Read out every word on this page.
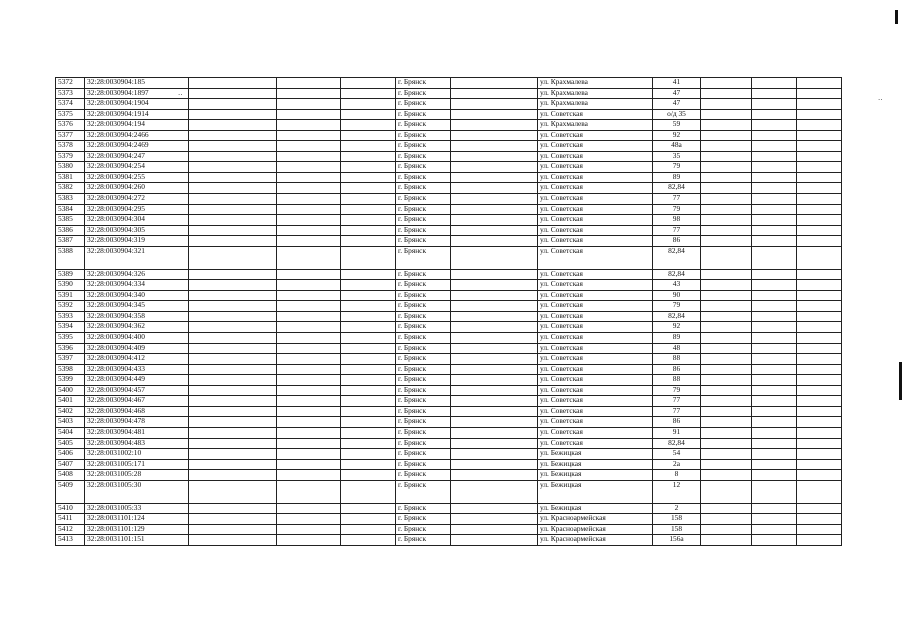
5372	32:28:0030904:185				г. Брянск		ул. Крахмалева	41			
5373	32:28:0030904:1897				г. Брянск		ул. Крахмалева	47			
5374	32:28:0030904:1904				г. Брянск		ул. Крахмалева	47			
5375	32:28:0030904:1914				г. Брянск		ул. Советская	о/д 35			
5376	32:28:0030904:194				г. Брянск		ул. Крахмалева	59			
5377	32:28:0030904:2466				г. Брянск		ул. Советская	92			
5378	32:28:0030904:2469				г. Брянск		ул. Советская	48а			
5379	32:28:0030904:247				г. Брянск		ул. Советская	35			
5380	32:28:0030904:254				г. Брянск		ул. Советская	79			
5381	32:28:0030904:255				г. Брянск		ул. Советская	89			
5382	32:28:0030904:260				г. Брянск		ул. Советская	82,84			
5383	32:28:0030904:272				г. Брянск		ул. Советская	77			
5384	32:28:0030904:295				г. Брянск		ул. Советская	79			
5385	32:28:0030904:304				г. Брянск		ул. Советская	98			
5386	32:28:0030904:305				г. Брянск		ул. Советская	77			
5387	32:28:0030904:319				г. Брянск		ул. Советская	86			
5388	32:28:0030904:321				г. Брянск		ул. Советская	82,84			
5389	32:28:0030904:326				г. Брянск		ул. Советская	82,84			
5390	32:28:0030904:334				г. Брянск		ул. Советская	43			
5391	32:28:0030904:340				г. Брянск		ул. Советская	90			
5392	32:28:0030904:345				г. Брянск		ул. Советская	79			
5393	32:28:0030904:358				г. Брянск		ул. Советская	82,84			
5394	32:28:0030904:362				г. Брянск		ул. Советская	92			
5395	32:28:0030904:400				г. Брянск		ул. Советская	89			
5396	32:28:0030904:409				г. Брянск		ул. Советская	48			
5397	32:28:0030904:412				г. Брянск		ул. Советская	88			
5398	32:28:0030904:433				г. Брянск		ул. Советская	86			
5399	32:28:0030904:449				г. Брянск		ул. Советская	88			
5400	32:28:0030904:457				г. Брянск		ул. Советская	79			
5401	32:28:0030904:467				г. Брянск		ул. Советская	77			
5402	32:28:0030904:468				г. Брянск		ул. Советская	77			
5403	32:28:0030904:478				г. Брянск		ул. Советская	86			
5404	32:28:0030904:481				г. Брянск		ул. Советская	91			
5405	32:28:0030904:483				г. Брянск		ул. Советская	82,84			
5406	32:28:0031002:10				г. Брянск		ул. Бежицкая	54			
5407	32:28:0031005:171				г. Брянск		ул. Бежицкая	2а			
5408	32:28:0031005:28				г. Брянск		ул. Бежицкая	8			
5409	32:28:0031005:30				г. Брянск		ул. Бежицкая	12			
5410	32:28:0031005:33				г. Брянск		ул. Бежицкая	2			
5411	32:28:0031101:124				г. Брянск		ул. Красноармейская	158			
5412	32:28:0031101:129				г. Брянск		ул. Красноармейская	158			
5413	32:28:0031101:151				г. Брянск		ул. Красноармейская	156а			
..
..
